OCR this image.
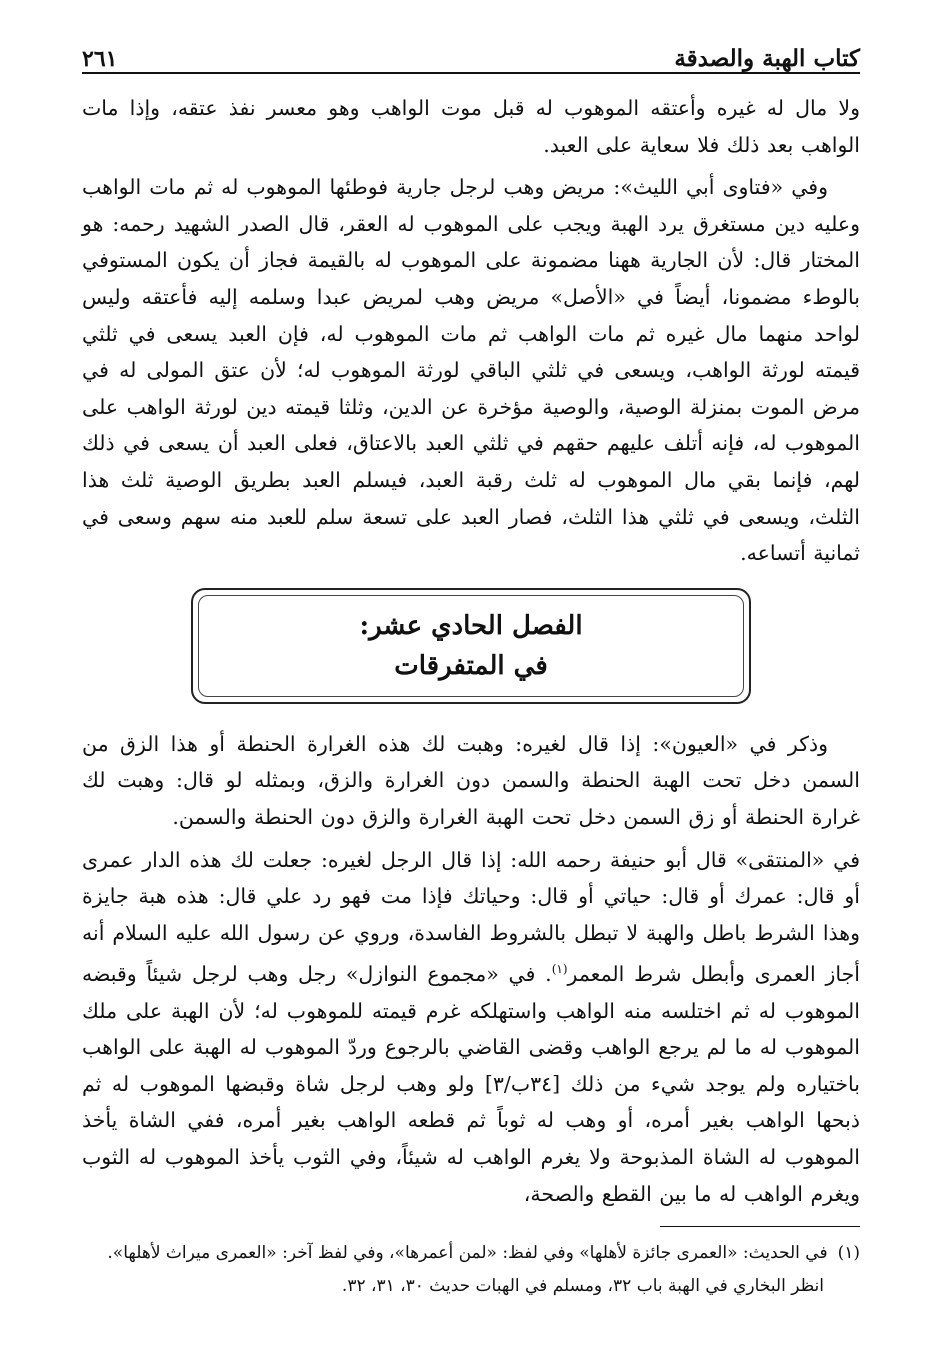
كتاب الهبة والصدقة
٢٦١

ولا مال له غيره وأعتقه الموهوب له قبل موت الواهب وهو معسر نفذ عتقه، وإذا مات الواهب بعد ذلك فلا سعاية على العبد.

وفي «فتاوى أبي الليث»: مريض وهب لرجل جارية فوطئها الموهوب له ثم مات الواهب وعليه دين مستغرق يرد الهبة ويجب على الموهوب له العقر، قال الصدر الشهيد رحمه: هو المختار قال: لأن الجارية ههنا مضمونة على الموهوب له بالقيمة فجاز أن يكون المستوفي بالوطء مضمونا، أيضاً في «الأصل» مريض وهب لمريض عبدا وسلمه إليه فأعتقه وليس لواحد منهما مال غيره ثم مات الواهب ثم مات الموهوب له، فإن العبد يسعى في ثلثي قيمته لورثة الواهب، ويسعى في ثلثي الباقي لورثة الموهوب له؛ لأن عتق المولى له في مرض الموت بمنزلة الوصية، والوصية مؤخرة عن الدين، وثلثا قيمته دين لورثة الواهب على الموهوب له، فإنه أتلف عليهم حقهم في ثلثي العبد بالاعتاق، فعلى العبد أن يسعى في ذلك لهم، فإنما بقي مال الموهوب له ثلث رقبة العبد، فيسلم العبد بطريق الوصية ثلث هذا الثلث، ويسعى في ثلثي هذا الثلث، فصار العبد على تسعة سلم للعبد منه سهم وسعى في ثمانية أتساعه.

الفصل الحادي عشر:
في المتفرقات

وذكر في «العيون»: إذا قال لغيره: وهبت لك هذه الغرارة الحنطة أو هذا الزق من السمن دخل تحت الهبة الحنطة والسمن دون الغرارة والزق، وبمثله لو قال: وهبت لك غرارة الحنطة أو زق السمن دخل تحت الهبة الغرارة والزق دون الحنطة والسمن.

في «المنتقى» قال أبو حنيفة رحمه الله: إذا قال الرجل لغيره: جعلت لك هذه الدار عمرى أو قال: عمرك أو قال: حياتي أو قال: وحياتك فإذا مت فهو رد علي قال: هذه هبة جايزة وهذا الشرط باطل والهبة لا تبطل بالشروط الفاسدة، وروي عن رسول الله عليه السلام أنه أجاز العمرى وأبطل شرط المعمر$^{(١)}$. في «مجموع النوازل» رجل وهب لرجل شيئاً وقبضه الموهوب له ثم اختلسه منه الواهب واستهلكه غرم قيمته للموهوب له؛ لأن الهبة على ملك الموهوب له ما لم يرجع الواهب وقضى القاضي بالرجوع وردّ الموهوب له الهبة على الواهب باختياره ولم يوجد شيء من ذلك [٣٤ب/٣] ولو وهب لرجل شاة وقبضها الموهوب له ثم ذبحها الواهب بغير أمره، أو وهب له ثوباً ثم قطعه الواهب بغير أمره، ففي الشاة يأخذ الموهوب له الشاة المذبوحة ولا يغرم الواهب له شيئاً، وفي الثوب يأخذ الموهوب له الثوب ويغرم الواهب له ما بين القطع والصحة،

(١)
في الحديث: «العمرى جائزة لأهلها» وفي لفظ: «لمن أعمرها»، وفي لفظ آخر: «العمرى ميراث لأهلها».
انظر البخاري في الهبة باب ٣٢، ومسلم في الهبات حديث ٣٠، ٣١، ٣٢.
